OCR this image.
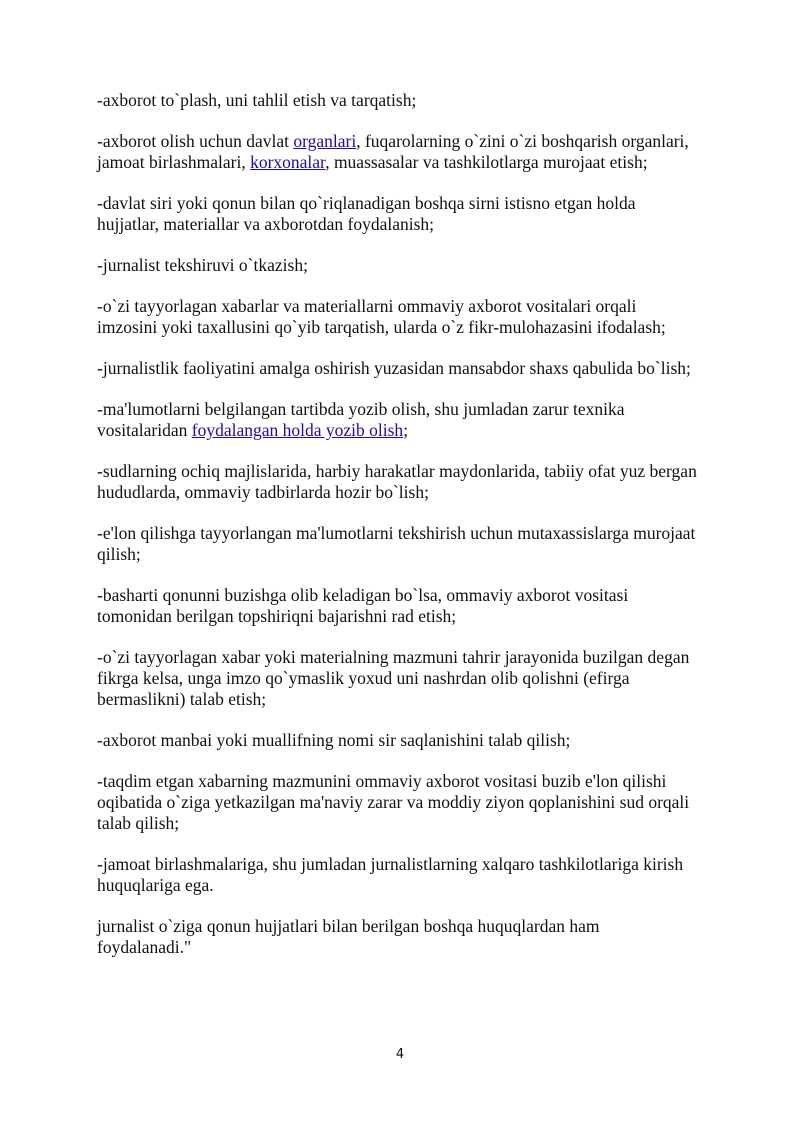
-axborot to`plash, uni tahlil etish va tarqatish;

-axborot olish uchun davlat organlari, fuqarolarning o`zini o`zi boshqarish organlari, jamoat birlashmalari, korxonalar, muassasalar va tashkilotlarga murojaat etish;

-davlat siri yoki qonun bilan qo`riqlanadigan boshqa sirni istisno etgan holda hujjatlar, materiallar va axborotdan foydalanish;

-jurnalist tekshiruvi o`tkazish;

-o`zi tayyorlagan xabarlar va materiallarni ommaviy axborot vositalari orqali imzosini yoki taxallusini qo`yib tarqatish, ularda o`z fikr-mulohazasini ifodalash;

-jurnalistlik faoliyatini amalga oshirish yuzasidan mansabdor shaxs qabulida bo`lish;

-ma'lumotlarni belgilangan tartibda yozib olish, shu jumladan zarur texnika vositalaridan foydalangan holda yozib olish;

-sudlarning ochiq majlislarida, harbiy harakatlar maydonlarida, tabiiy ofat yuz bergan hududlarda, ommaviy tadbirlarda hozir bo`lish;

-e'lon qilishga tayyorlangan ma'lumotlarni tekshirish uchun mutaxassislarga murojaat qilish;

-basharti qonunni buzishga olib keladigan bo`lsa, ommaviy axborot vositasi tomonidan berilgan topshiriqni bajarishni rad etish;

-o`zi tayyorlagan xabar yoki materialning mazmuni tahrir jarayonida buzilgan degan fikrga kelsa, unga imzo qo`ymaslik yoxud uni nashrdan olib qolishni (efirga bermaslikni) talab etish;

-axborot manbai yoki muallifning nomi sir saqlanishini talab qilish;

-taqdim etgan xabarning mazmunini ommaviy axborot vositasi buzib e'lon qilishi oqibatida o`ziga yetkazilgan ma'naviy zarar va moddiy ziyon qoplanishini sud orqali talab qilish;

-jamoat birlashmalariga, shu jumladan jurnalistlarning xalqaro tashkilotlariga kirish huquqlariga ega.

jurnalist o`ziga qonun hujjatlari bilan berilgan boshqa huquqlardan ham foydalanadi."

4
